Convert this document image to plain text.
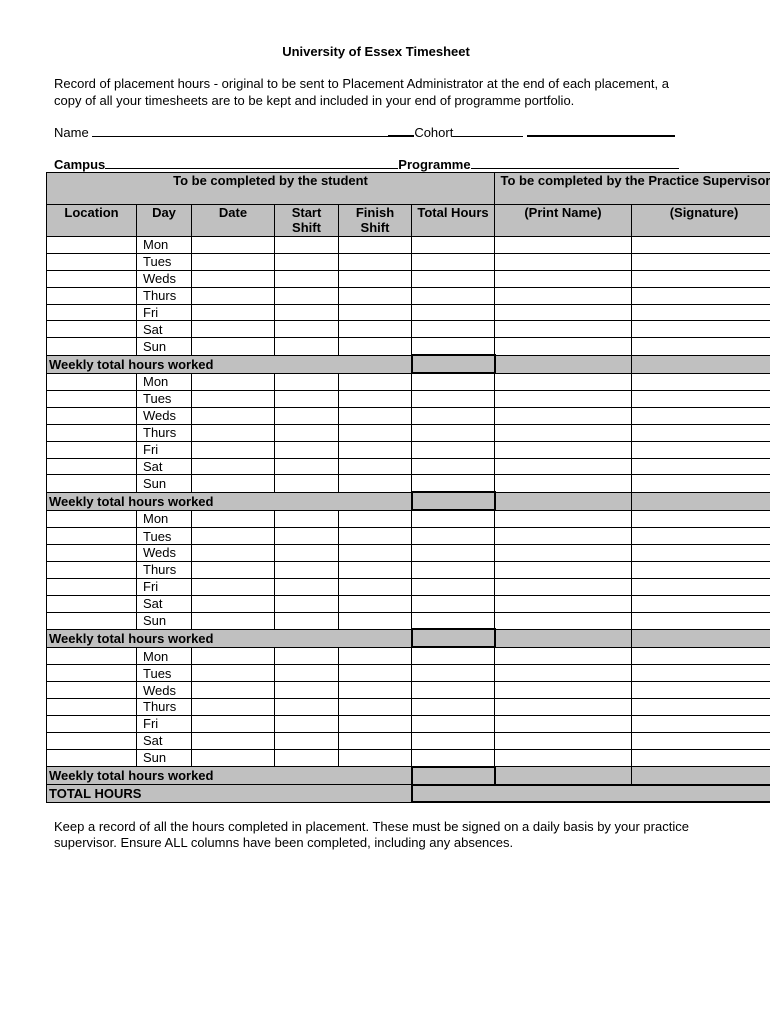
University of Essex Timesheet
Record of placement hours - original to be sent to Placement Administrator at the end of each placement, a copy of all your timesheets are to be kept and included in your end of programme portfolio.
Name	Cohort
Campus	Programme
To be completed by the student						To be completed by the Practice Supervisor	
Location	Day	Date	Start Shift	Finish Shift	Total Hours	(Print Name)	(Signature)
	Mon						
	Tues						
	Weds						
	Thurs						
	Fri						
	Sat						
	Sun						
Weekly total hours worked							
	Mon						
	Tues						
	Weds						
	Thurs						
	Fri						
	Sat						
	Sun						
Weekly total hours worked							
	Mon						
	Tues						
	Weds						
	Thurs						
	Fri						
	Sat						
	Sun						
Weekly total hours worked							
	Mon						
	Tues						
	Weds						
	Thurs						
	Fri						
	Sat						
	Sun						
Weekly total hours worked							
TOTAL HOURS							
Keep a record of all the hours completed in placement. These must be signed on a daily basis by your practice supervisor. Ensure ALL columns have been completed, including any absences.
